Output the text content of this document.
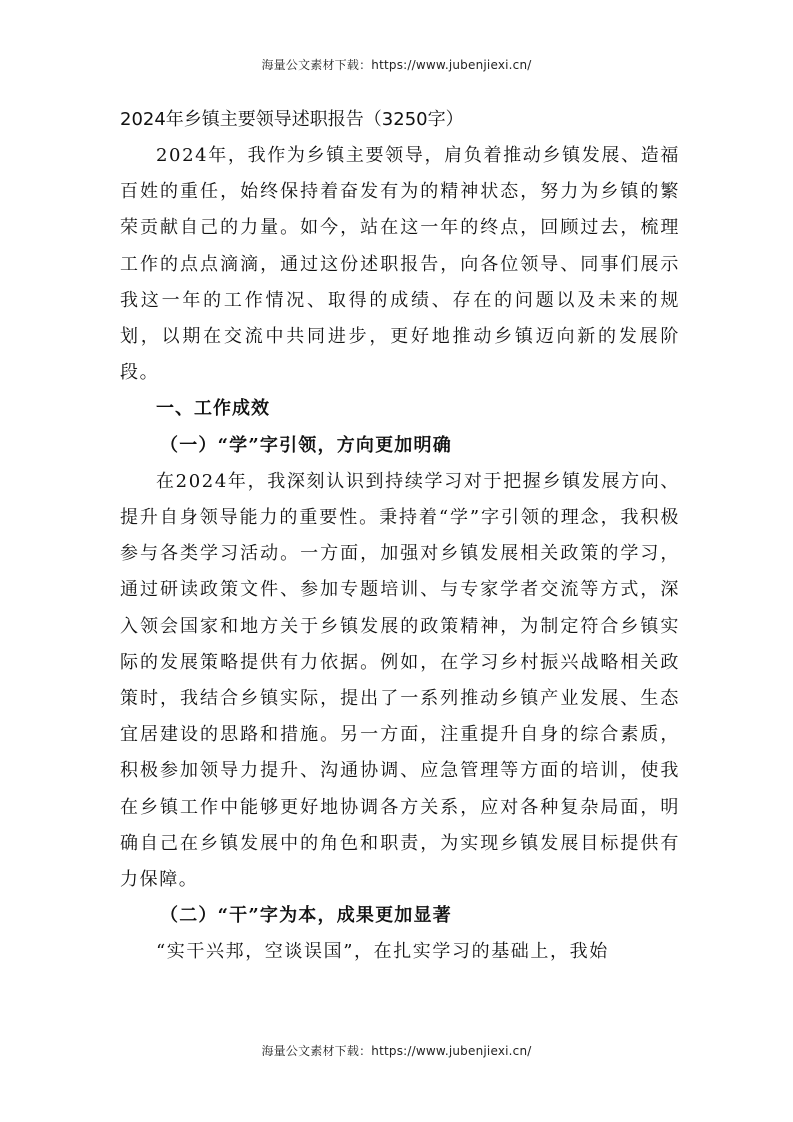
海量公文素材下载：https://www.jubenjiexi.cn/
2024年乡镇主要领导述职报告（3250字）

2024年，我作为乡镇主要领导，肩负着推动乡镇发展、造福百姓的重任，始终保持着奋发有为的精神状态，努力为乡镇的繁荣贡献自己的力量。如今，站在这一年的终点，回顾过去，梳理工作的点点滴滴，通过这份述职报告，向各位领导、同事们展示我这一年的工作情况、取得的成绩、存在的问题以及未来的规划，以期在交流中共同进步，更好地推动乡镇迈向新的发展阶段。

一、工作成效
（一）“学”字引领，方向更加明确

在2024年，我深刻认识到持续学习对于把握乡镇发展方向、提升自身领导能力的重要性。秉持着“学”字引领的理念，我积极参与各类学习活动。一方面，加强对乡镇发展相关政策的学习，通过研读政策文件、参加专题培训、与专家学者交流等方式，深入领会国家和地方关于乡镇发展的政策精神，为制定符合乡镇实际的发展策略提供有力依据。例如，在学习乡村振兴战略相关政策时，我结合乡镇实际，提出了一系列推动乡镇产业发展、生态宜居建设的思路和措施。另一方面，注重提升自身的综合素质，积极参加领导力提升、沟通协调、应急管理等方面的培训，使我在乡镇工作中能够更好地协调各方关系，应对各种复杂局面，明确自己在乡镇发展中的角色和职责，为实现乡镇发展目标提供有力保障。

（二）“干”字为本，成果更加显著

“实干兴邦，空谈误国”，在扎实学习的基础上，我始

海量公文素材下载：https://www.jubenjiexi.cn/
